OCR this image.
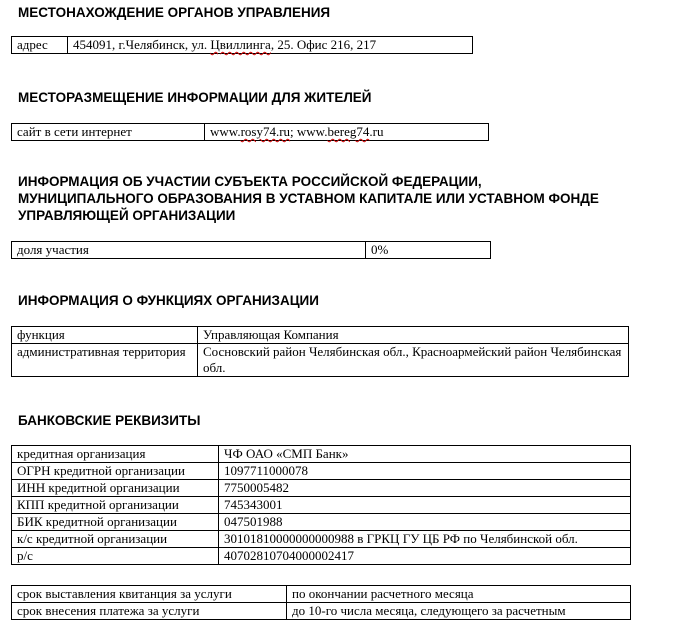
МЕСТОНАХОЖДЕНИЕ ОРГАНОВ УПРАВЛЕНИЯ
адрес	454091, г.Челябинск, ул. Цвиллинга, 25. Офис 216, 217
МЕСТОРАЗМЕЩЕНИЕ ИНФОРМАЦИИ ДЛЯ ЖИТЕЛЕЙ
сайт в сети интернет	www.rosy74.ru; www.bereg74.ru
ИНФОРМАЦИЯ ОБ УЧАСТИИ СУБЪЕКТА РОССИЙСКОЙ ФЕДЕРАЦИИ,
МУНИЦИПАЛЬНОГО ОБРАЗОВАНИЯ В УСТАВНОМ КАПИТАЛЕ ИЛИ УСТАВНОМ ФОНДЕ
УПРАВЛЯЮЩЕЙ ОРГАНИЗАЦИИ
доля участия	0%
ИНФОРМАЦИЯ О ФУНКЦИЯХ ОРГАНИЗАЦИИ
функция	Управляющая Компания
административная территория	Сосновский район Челябинская обл., Красноармейский район Челябинская обл.
БАНКОВСКИЕ РЕКВИЗИТЫ
кредитная организация	ЧФ ОАО «СМП Банк»
ОГРН кредитной организации	1097711000078
ИНН кредитной организации	7750005482
КПП кредитной организации	745343001
БИК кредитной организации	047501988
к/с кредитной организации	30101810000000000988 в ГРКЦ ГУ ЦБ РФ по Челябинской обл.
р/с	40702810704000002417
срок выставления квитанция за услуги	по окончании расчетного месяца
срок внесения платежа за услуги	до 10-го числа месяца, следующего за расчетным
